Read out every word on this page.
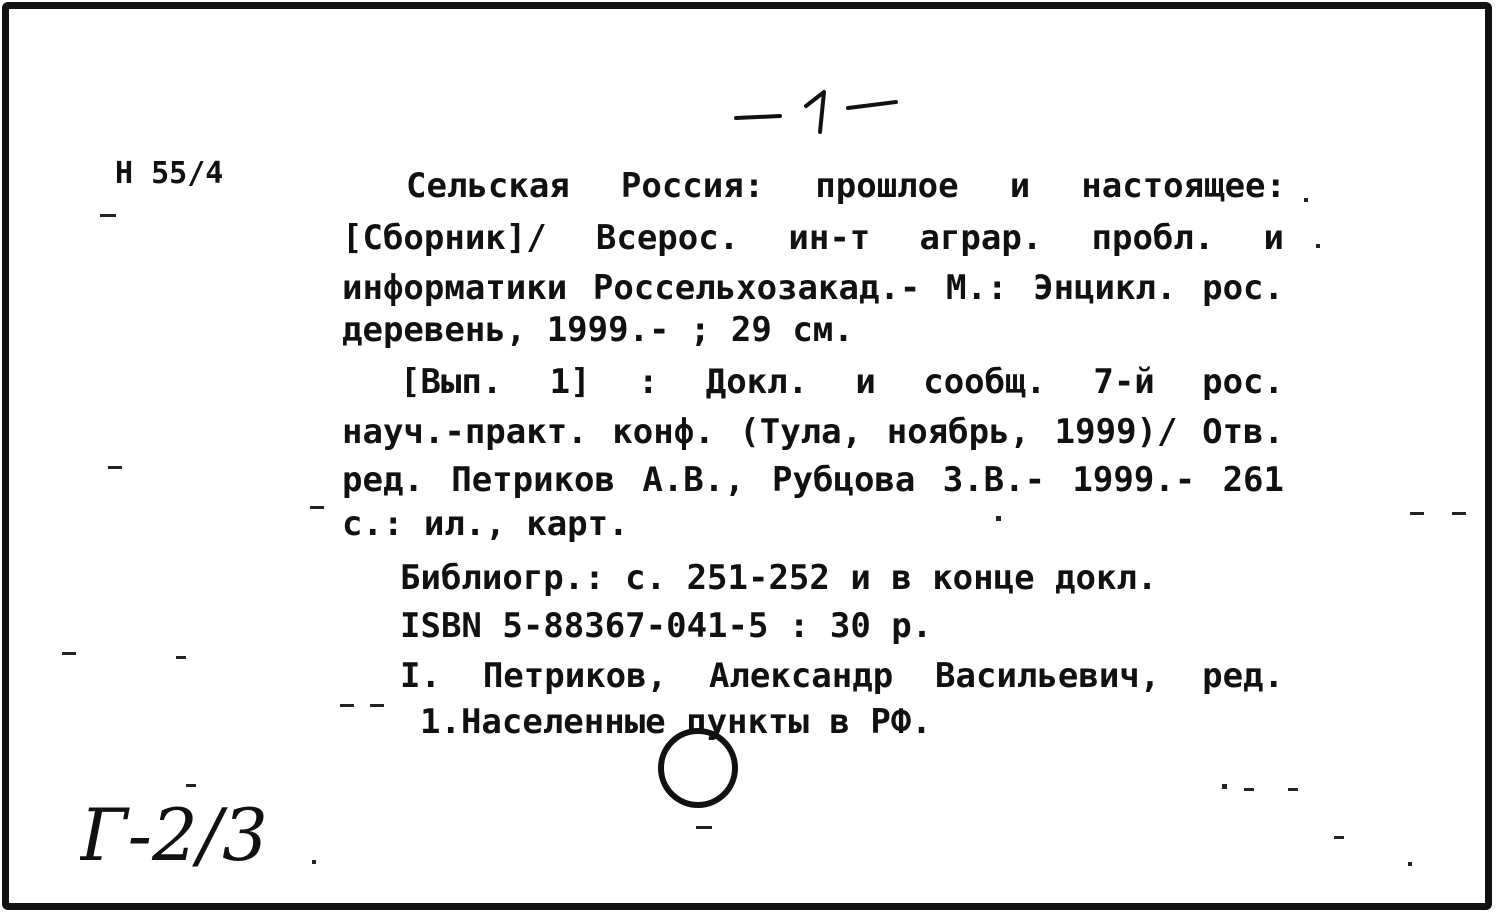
Н 55/4	Сельская Россия: прошлое и настоящее:
[Сборник]/ Всерос. ин-т аграр. пробл. и
информатики Россельхозакад.- М.: Энцикл. рос.
деревень, 1999.- ; 29 см.
[Вып. 1] : Докл. и сообщ. 7-й рос.
науч.-практ. конф. (Тула, ноябрь, 1999)/ Отв.
ред. Петриков А.В., Рубцова З.В.- 1999.- 261
с.: ил., карт.
Библиогр.: с. 251-252 и в конце докл.
ISBN 5-88367-041-5 : 30 р.
I. Петриков, Александр Васильевич, ред.
1.Населенные пункты в РФ.
Г-2/3
